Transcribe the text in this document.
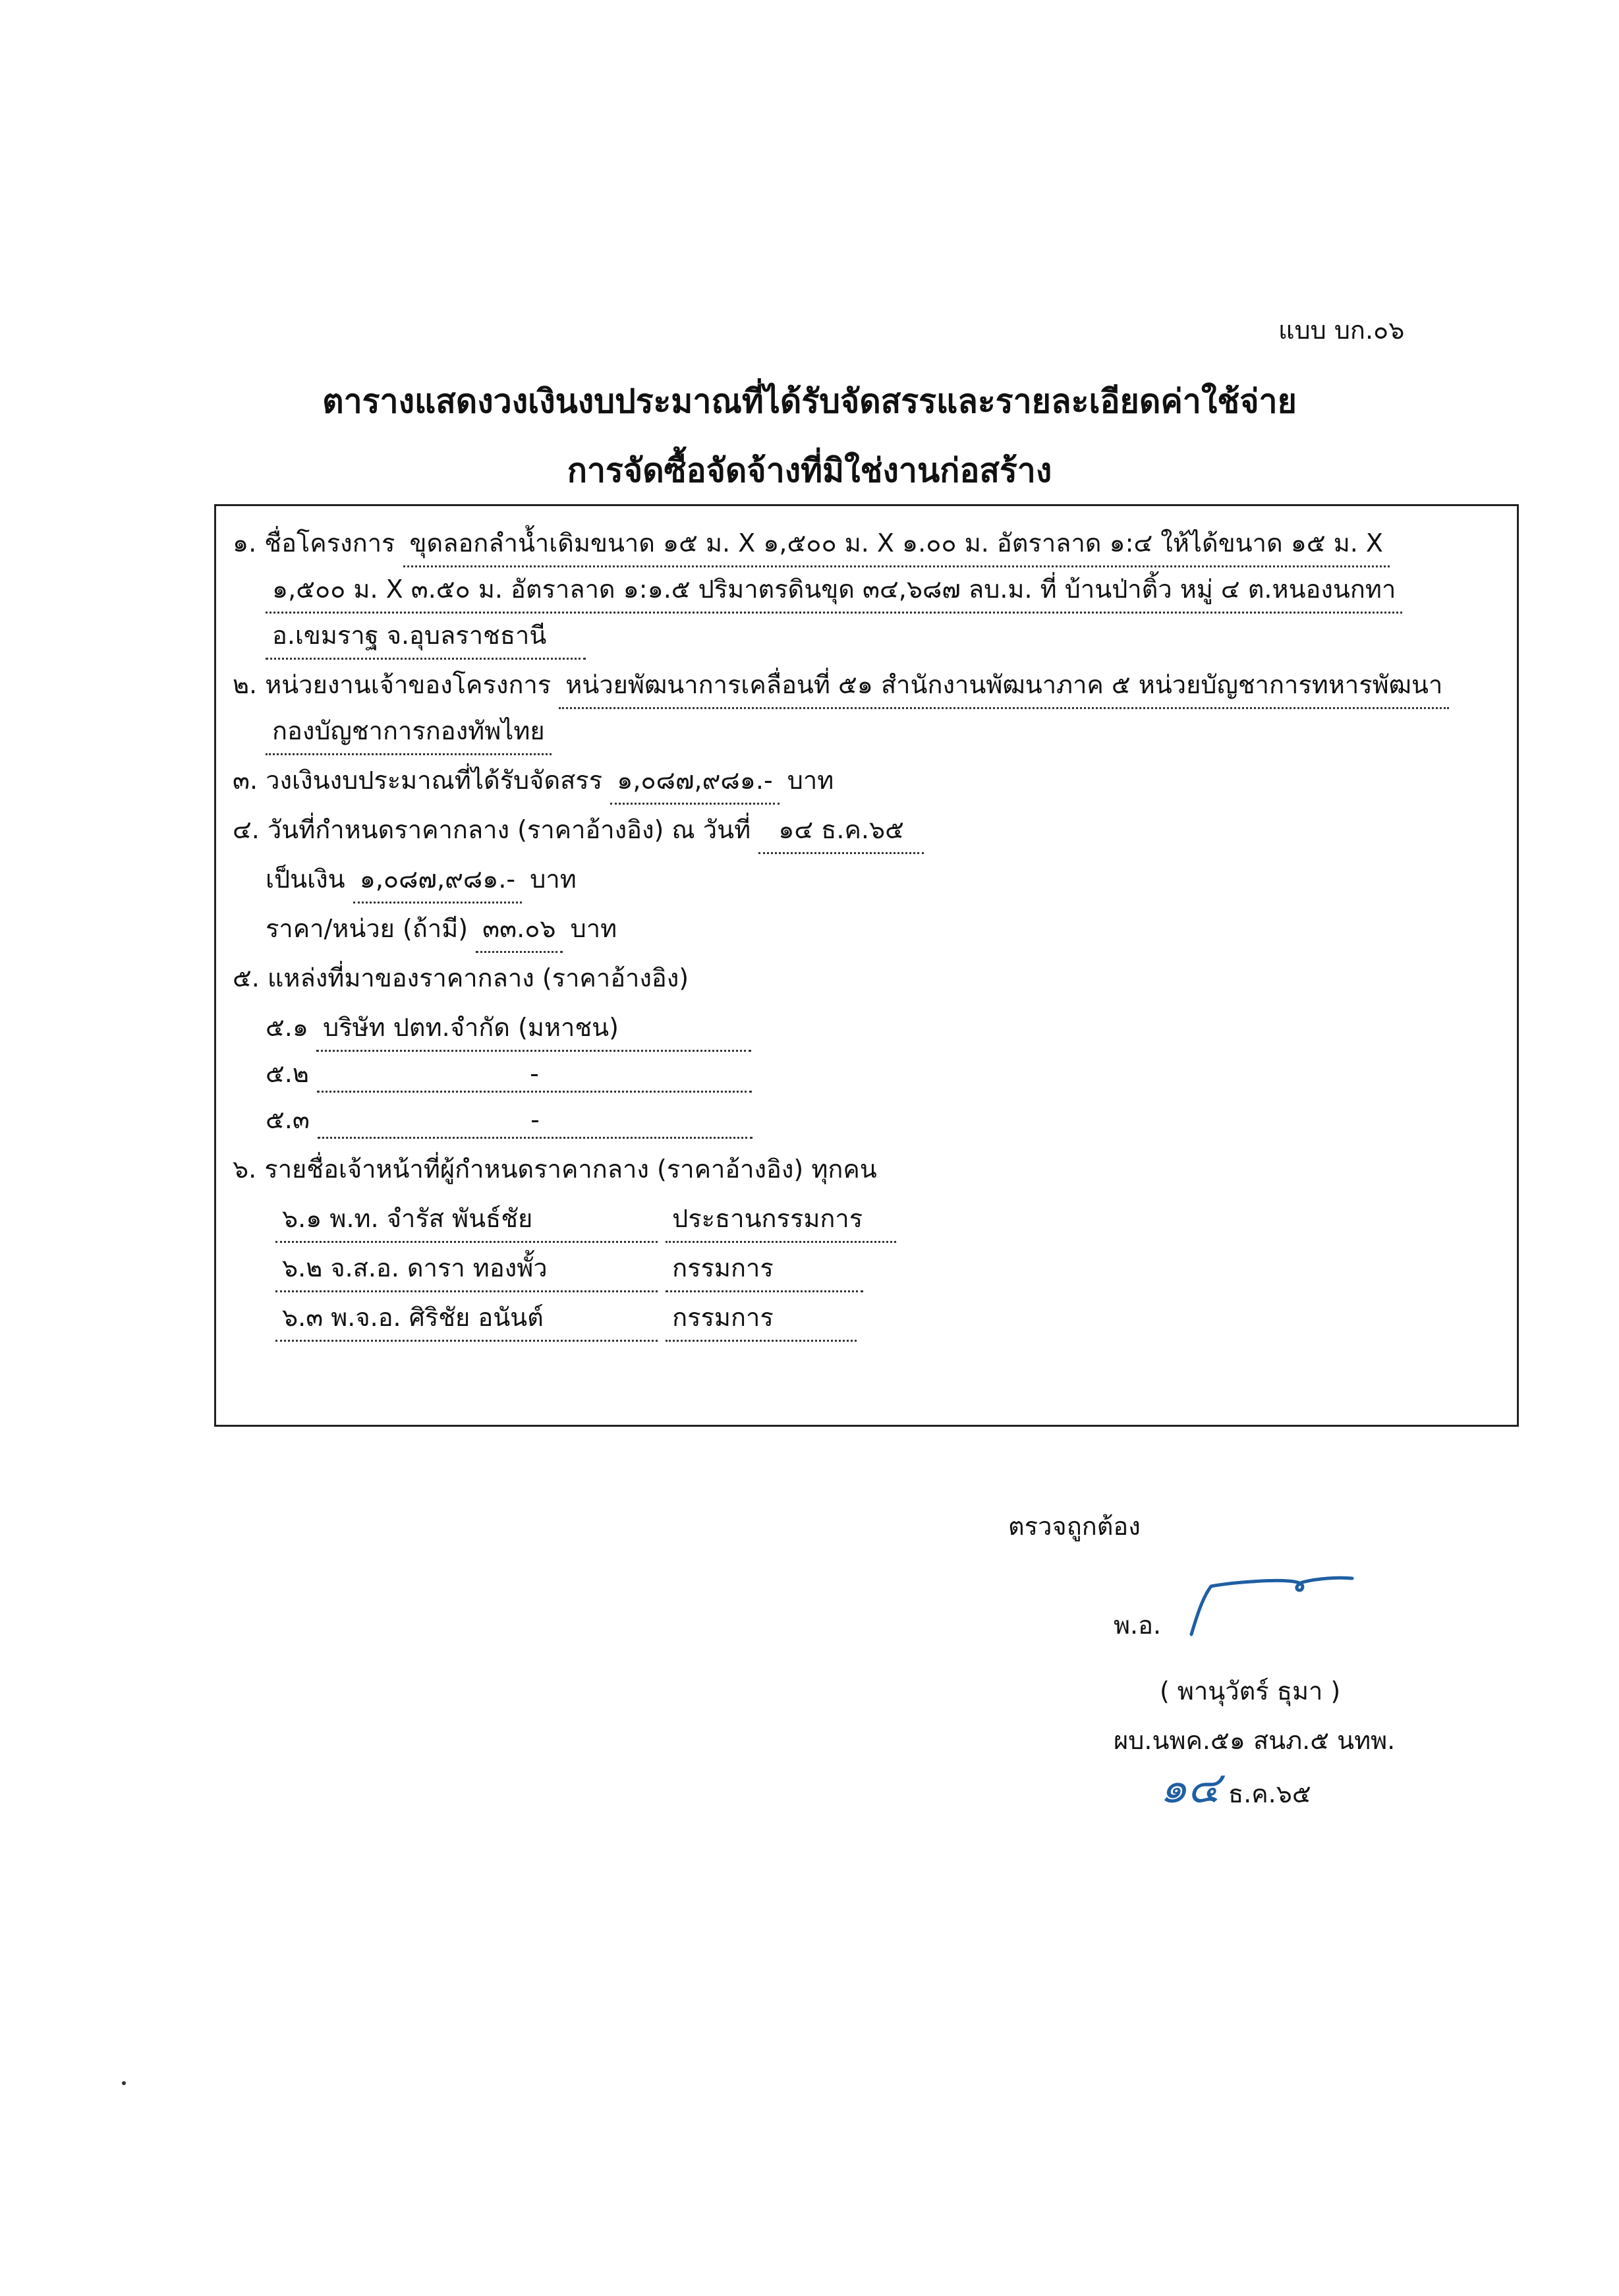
แบบ บก.๐๖
ตารางแสดงวงเงินงบประมาณที่ได้รับจัดสรรและรายละเอียดค่าใช้จ่าย
การจัดซื้อจัดจ้างที่มิใช่งานก่อสร้าง
๑. ชื่อโครงการ ขุดลอกลำน้ำเดิมขนาด ๑๕ ม. X ๑,๕๐๐ ม. X ๑.๐๐ ม. อัตราลาด ๑:๔ ให้ได้ขนาด ๑๕ ม. X
๑,๕๐๐ ม. X ๓.๕๐ ม. อัตราลาด ๑:๑.๕ ปริมาตรดินขุด ๓๔,๖๘๗ ลบ.ม. ที่ บ้านป่าติ้ว หมู่ ๔ ต.หนองนกทา
อ.เขมราฐ จ.อุบลราชธานี
๒. หน่วยงานเจ้าของโครงการ หน่วยพัฒนาการเคลื่อนที่ ๕๑ สำนักงานพัฒนาภาค ๕ หน่วยบัญชาการทหารพัฒนา
กองบัญชาการกองทัพไทย
๓. วงเงินงบประมาณที่ได้รับจัดสรร ๑,๐๘๗,๙๘๑.- บาท
๔. วันที่กำหนดราคากลาง (ราคาอ้างอิง) ณ วันที่ ๑๔ ธ.ค.๖๕
เป็นเงิน ๑,๐๘๗,๙๘๑.- บาท
ราคา/หน่วย (ถ้ามี) ๓๓.๐๖ บาท
๕. แหล่งที่มาของราคากลาง (ราคาอ้างอิง)
๕.๑ บริษัท ปตท.จำกัด (มหาชน)
๕.๒	-
๕.๓	-
๖. รายชื่อเจ้าหน้าที่ผู้กำหนดราคากลาง (ราคาอ้างอิง) ทุกคน
๖.๑ พ.ท. จำรัส พันธ์ชัย	ประธานกรรมการ
๖.๒ จ.ส.อ. ดารา ทองพั้ว	กรรมการ
๖.๓ พ.จ.อ. ศิริชัย อนันต์	กรรมการ
ตรวจถูกต้อง
พ.อ.
( พานุวัตร์ ธุมา )
ผบ.นพค.๕๑ สนภ.๕ นทพ.
๑๔ ธ.ค.๖๕
